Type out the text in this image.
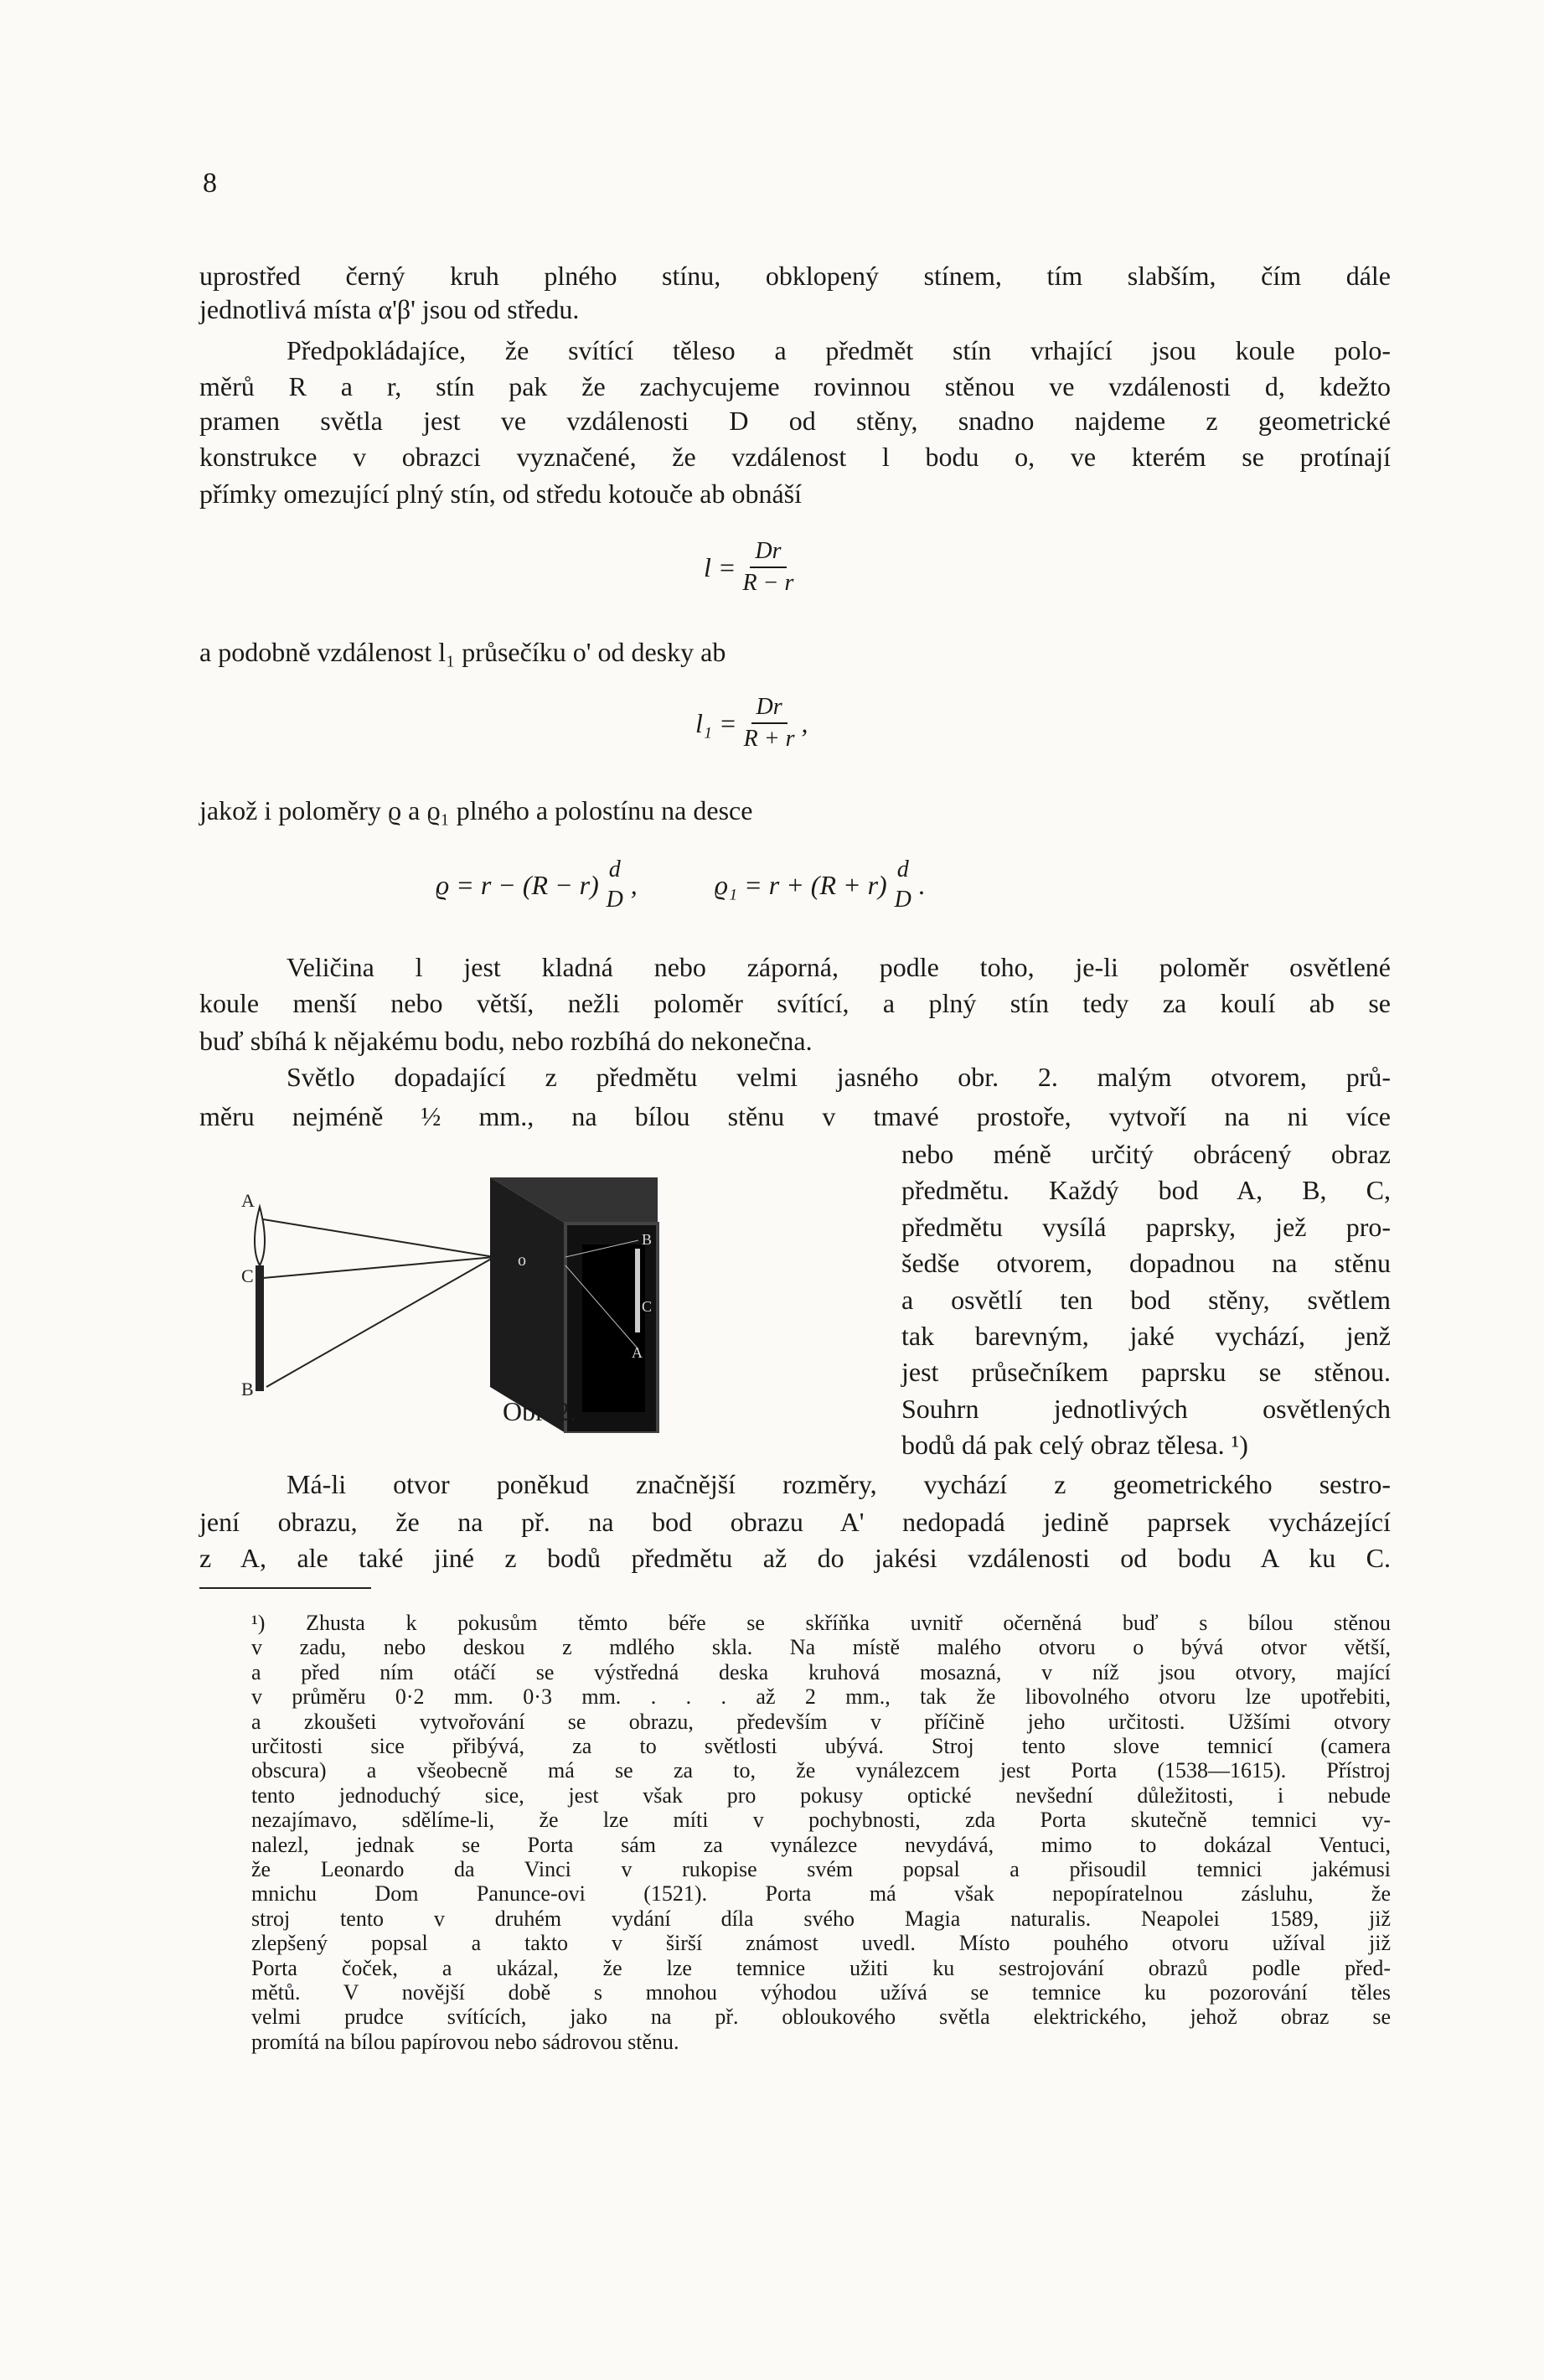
8
uprostřed černý kruh plného stínu, obklopený stínem, tím slabším, čím dále
jednotlivá místa α'β' jsou od středu.
Předpokládajíce, že svítící těleso a předmět stín vrhající jsou koule polo-
měrů R a r, stín pak že zachycujeme rovinnou stěnou ve vzdálenosti d, kdežto
pramen světla jest ve vzdálenosti D od stěny, snadno najdeme z geometrické
konstrukce v obrazci vyznačené, že vzdálenost l bodu o, ve kterém se protínají
přímky omezující plný stín, od středu kotouče ab obnáší
a podobně vzdálenost l₁ průsečíku o' od desky ab
jakož i poloměry ϱ a ϱ₁ plného a polostínu na desce
Veličina l jest kladná nebo záporná, podle toho, je-li poloměr osvětlené
koule menší nebo větší, nežli poloměr svítící, a plný stín tedy za koulí ab se
buď sbíhá k nějakému bodu, nebo rozbíhá do nekonečna.
Světlo dopadající z předmětu velmi jasného obr. 2. malým otvorem, prů-
měru nejméně ½ mm., na bílou stěnu v tmavé prostoře, vytvoří na ni více
nebo méně určitý obrácený obraz
předmětu. Každý bod A, B, C,
předmětu vysílá paprsky, jež pro-
šedše otvorem, dopadnou na stěnu
a osvětlí ten bod stěny, světlem
tak barevným, jaké vychází, jenž
jest průsečníkem paprsku se stěnou.
Souhrn jednotlivých osvětlených
bodů dá pak celý obraz tělesa. ¹)
Má-li otvor poněkud značnější rozměry, vychází z geometrického sestro-
jení obrazu, že na př. na bod obrazu A' nedopadá jedině paprsek vycházející
z A, ale také jiné z bodů předmětu až do jakési vzdálenosti od bodu A ku C.
¹) Zhusta k pokusům těmto béře se skříňka uvnitř očerněná buď s bílou stěnou
v zadu, nebo deskou z mdlého skla. Na místě malého otvoru o bývá otvor větší,
a před ním otáčí se výstředná deska kruhová mosazná, v níž jsou otvory, mající
v průměru 0·2 mm. 0·3 mm. . . . až 2 mm., tak že libovolného otvoru lze upotřebiti,
a zkoušeti vytvořování se obrazu, především v příčině jeho určitosti. Užšími otvory
určitosti sice přibývá, za to světlosti ubývá. Stroj tento slove temnicí (camera
obscura) a všeobecně má se za to, že vynálezcem jest Porta (1538—1615). Přístroj
tento jednoduchý sice, jest však pro pokusy optické nevšední důležitosti, i nebude
nezajímavo, sdělíme-li, že lze míti v pochybnosti, zda Porta skutečně temnici vy-
nalezl, jednak se Porta sám za vynálezce nevydává, mimo to dokázal Ventuci,
že Leonardo da Vinci v rukopise svém popsal a přisoudil temnici jakémusi
mnichu Dom Panunce-ovi (1521). Porta má však nepopíratelnou zásluhu, že
stroj tento v druhém vydání díla svého Magia naturalis. Neapolei 1589, již
zlepšený popsal a takto v širší známost uvedl. Místo pouhého otvoru užíval již
Porta čoček, a ukázal, že lze temnice užiti ku sestrojování obrazů podle před-
mětů. V novější době s mnohou výhodou užívá se temnice ku pozorování těles
velmi prudce svítících, jako na př. obloukového světla elektrického, jehož obraz se
promítá na bílou papírovou nebo sádrovou stěnu.
$l = \frac{Dr}{R - r}$
$l_1 = \frac{Dr}{R + r}$ ,
ϱ = r − (R − r) d
D ,	ϱ₁ = r + (R + r) d
D .
A
C
B
o
B
C
A
Obr. 2.
